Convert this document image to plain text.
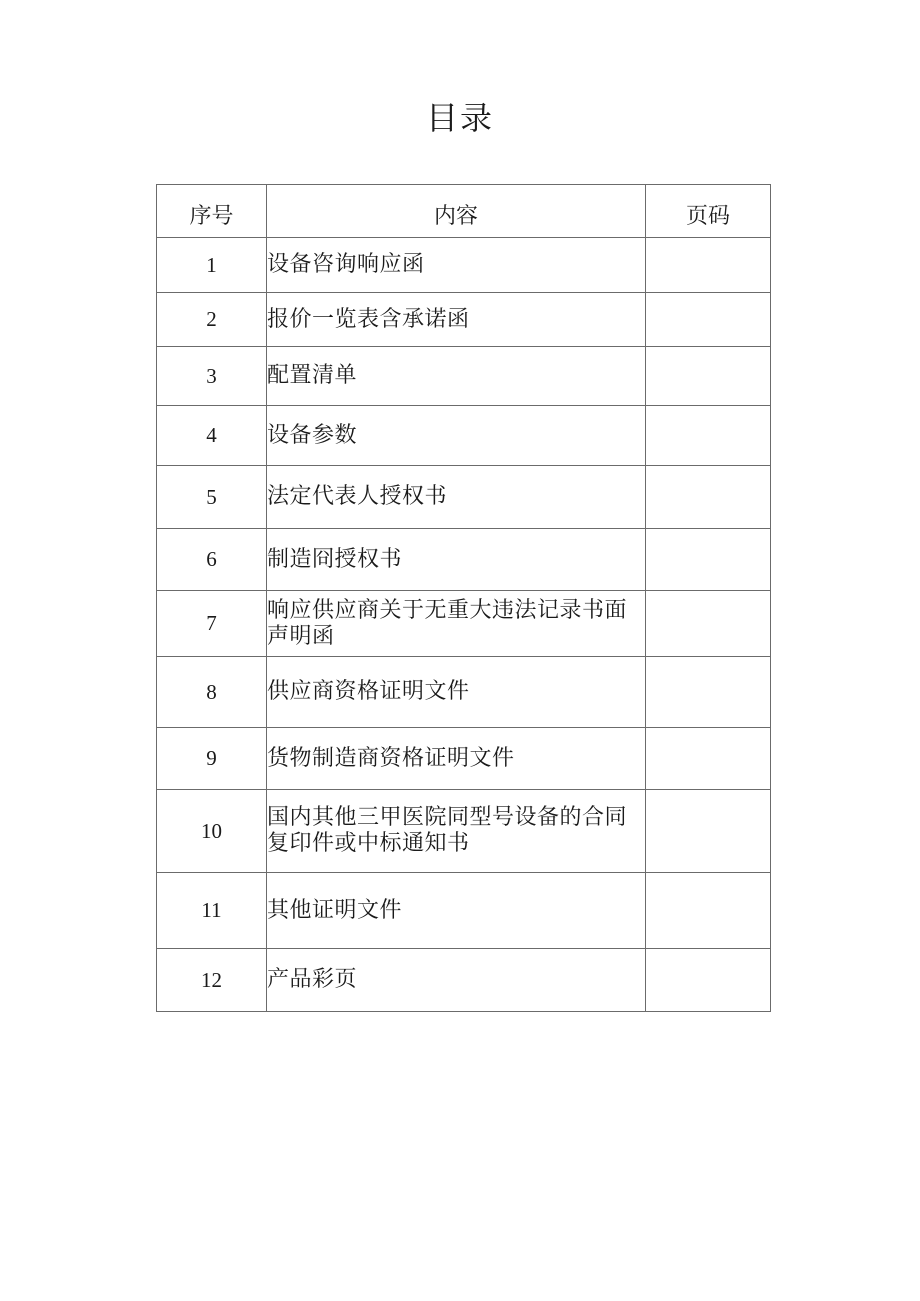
目录
序号	内容	页码
1	设备咨询响应函	
2	报价一览表含承诺函	
3	配置清单	
4	设备参数	
5	法定代表人授权书	
6	制造冏授权书	
7	响应供应商关于无重大违法记录书面声明函	
8	供应商资格证明文件	
9	货物制造商资格证明文件	
10	国内其他三甲医院同型号设备的合同复印件或中标通知书	
11	其他证明文件	
12	产品彩页	
